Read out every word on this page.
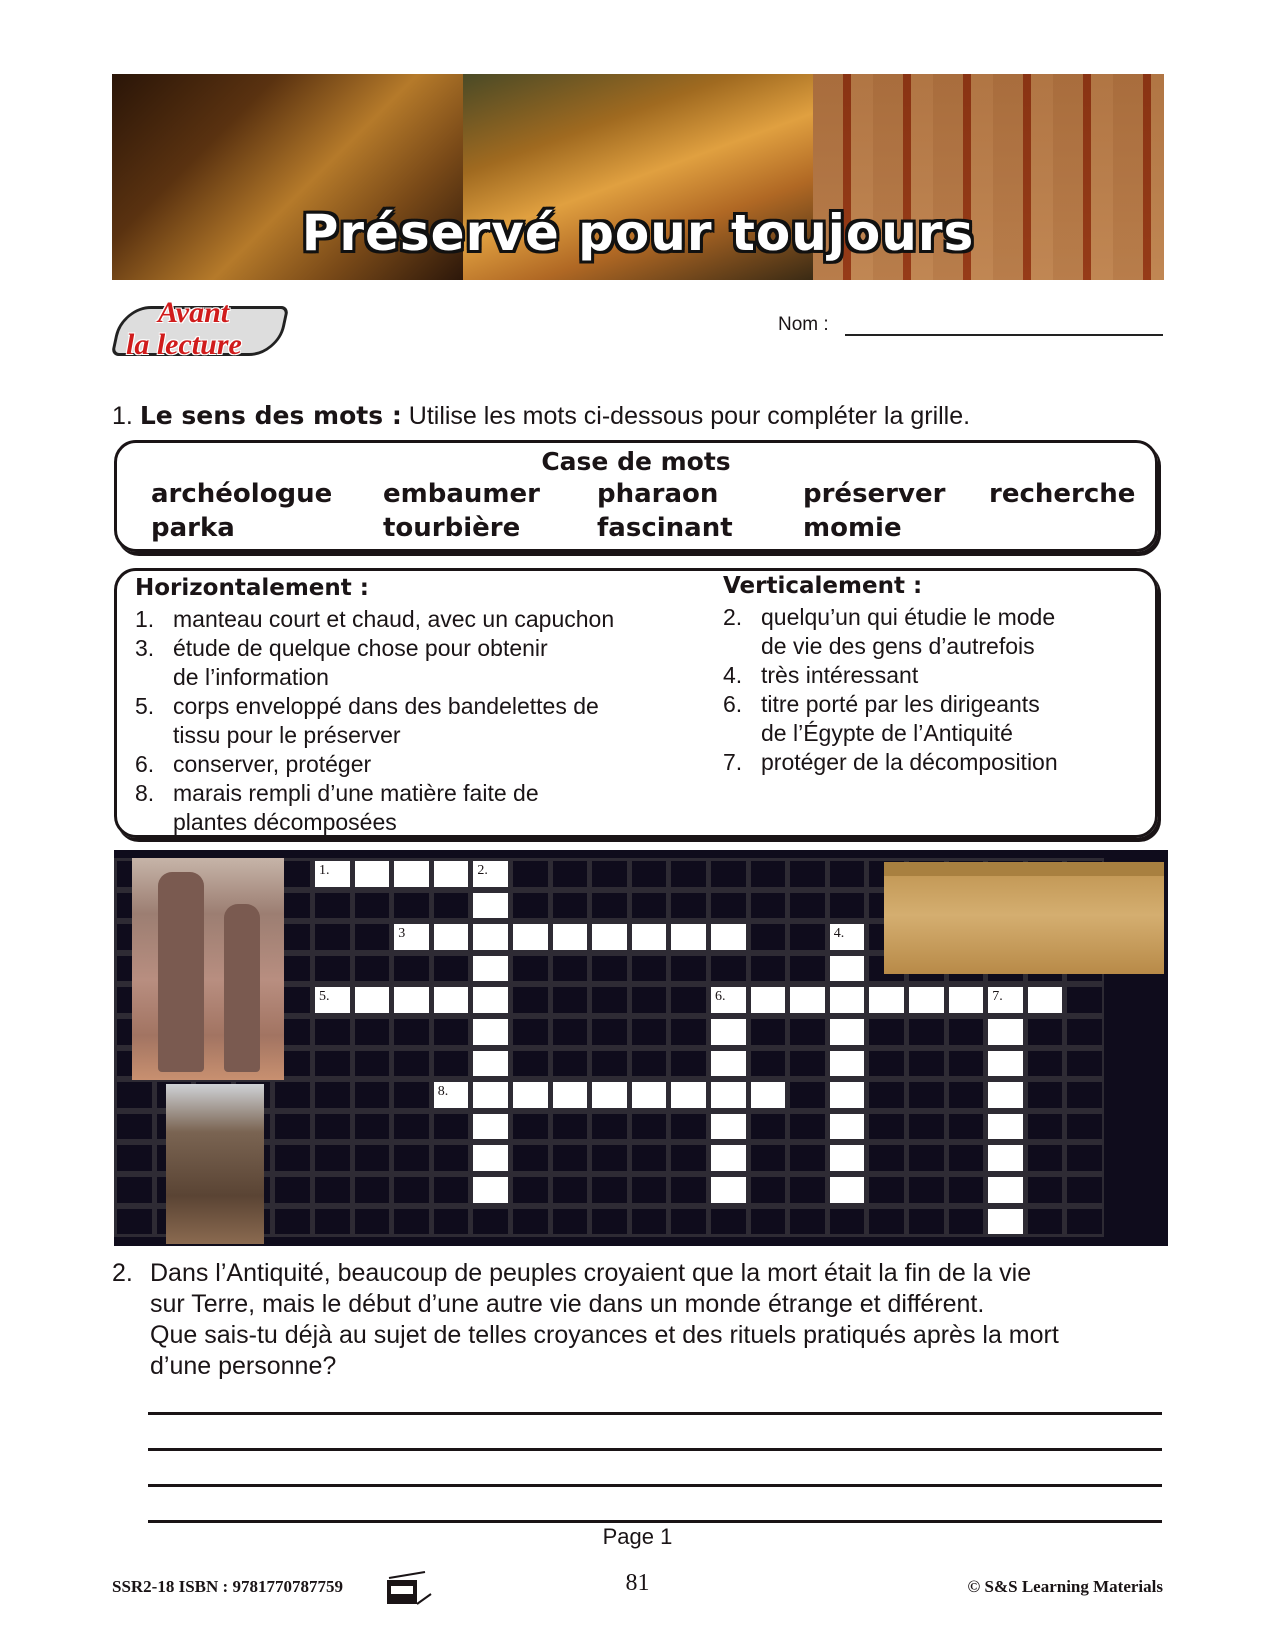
Préservé pour toujours
Avant
la lecture
Nom :
1. Le sens des mots : Utilise les mots ci-dessous pour compléter la grille.
Case de mots
archéologue embaumer pharaon	préserver recherche
parka	tourbière	fascinant	momie
Horizontalement :
1. manteau court et chaud, avec un capuchon
3. étude de quelque chose pour obtenir
de l’information
5. corps enveloppé dans des bandelettes de
tissu pour le préserver
6. conserver, protéger
8. marais rempli d’une matière faite de
plantes décomposées
Verticalement :
2. quelqu’un qui étudie le mode
de vie des gens d’autrefois
4. très intéressant
6. titre porté par les dirigeants
de l’Égypte de l’Antiquité
7. protéger de la décomposition
1.	2.
3	4.
5.	6.	7.
8.
2. Dans l’Antiquité, beaucoup de peuples croyaient que la mort était la fin de la vie
sur Terre, mais le début d’une autre vie dans un monde étrange et différent.
Que sais-tu déjà au sujet de telles croyances et des rituels pratiqués après la mort
d’une personne?
Page 1
SSR2-18 ISBN : 9781770787759	81	© S&S Learning Materials
